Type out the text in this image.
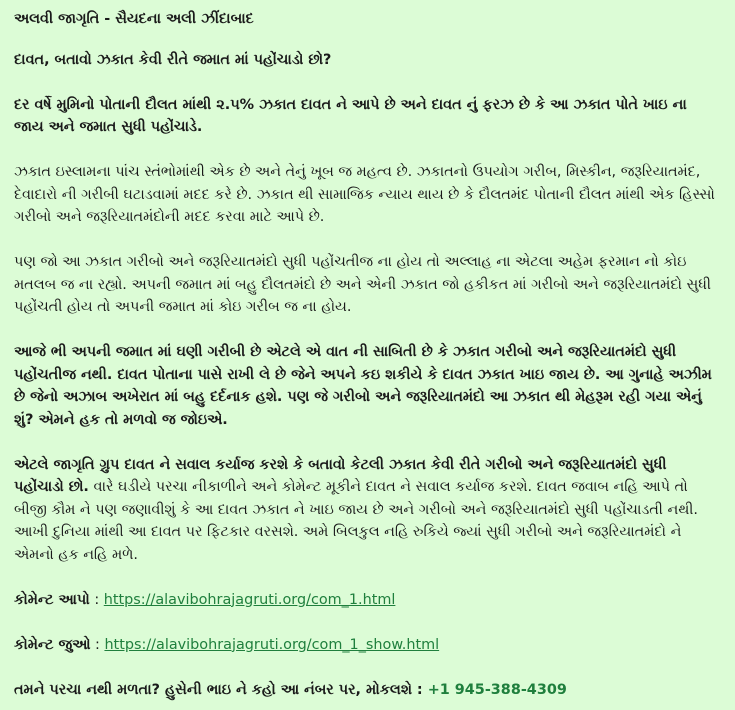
અલવી જાગૃતિ - સૈયદના અલી ઝીંદાબાદ
દાવત, બતાવો ઝકાત કેવી રીતે જમાત માં પહોંચાડો છો?
દર વર્ષે મુમિનો પોતાની દૌલત માંથી ૨.૫% ઝકાત દાવત ને આપે છે અને દાવત નું ફરઝ છે કે આ ઝકાત પોતે ખાઇ ના જાય અને જમાત સુધી પહોંચાડે.
ઝકાત ઇસ્લામના પાંચ સ્તંભોમાંથી એક છે અને તેનું ખૂબ જ મહત્વ છે. ઝકાતનો ઉપયોગ ગરીબ, મિસ્કીન, જરૂરિયાતમંદ, દેવાદારો ની ગરીબી ઘટાડવામાં મદદ કરે છે. ઝકાત થી સામાજિક ન્યાય થાય છે કે દૌલતમંદ પોતાની દૌલત માંથી એક હિસ્સો ગરીબો અને જરૂરિયાતમંદોની મદદ કરવા માટે આપે છે.
પણ જો આ ઝકાત ગરીબો અને જરૂરિયાતમંદો સુધી પહોંચતીજ ના હોય તો અલ્લાહ ના એટલા અહેમ ફરમાન નો કોઇ મતલબ જ ના રહ્યો. અપની જમાત માં બહુ દૌલતમંદો છે અને એની ઝકાત જો હકીકત માં ગરીબો અને જરૂરિયાતમંદો સુધી પહોંચતી હોય તો અપની જમાત માં કોઇ ગરીબ જ ના હોય.
આજે ભી અપની જમાત માં ઘણી ગરીબી છે એટલે એ વાત ની સાબિતી છે કે ઝકાત ગરીબો અને જરૂરિયાતમંદો સુધી પહોંચતીજ નથી. દાવત પોતાના પાસે રાખી લે છે જેને અપને કઇ શકીયે કે દાવત ઝકાત ખાઇ જાય છે. આ ગુનાહે અઝીમ છે જેનો અઝાબ અખેરાત માં બહુ દર્દનાક હશે. પણ જે ગરીબો અને જરૂરિયાતમંદો આ ઝકાત થી મેહરૂમ રહી ગયા એનું શું? એમને હક તો મળવો જ જોઇએ.
એટલે જાગૃતિ ગ્રુપ દાવત ને સવાલ કર્યાજ કરશે કે બતાવો કેટલી ઝકાત કેવી રીતે ગરીબો અને જરૂરિયાતમંદો સુધી પહોંચાડો છો. વારે ઘડીયે પરચા નીકાળીને અને કોમેન્ટ મૂકીને દાવત ને સવાલ કર્યાજ કરશે. દાવત જવાબ નહિ આપે તો બીજી કૌમ ને પણ જણાવીશું કે આ દાવત ઝકાત ને ખાઇ જાય છે અને ગરીબો અને જરૂરિયાતમંદો સુધી પહોંચાડતી નથી. આખી દુનિયા માંથી આ દાવત પર ફિટકાર વરસશે. અમે બિલકુલ નહિ રુકિયે જ્યાં સુધી ગરીબો અને જરૂરિયાતમંદો ને એમનો હક નહિ મળે.
કોમેન્ટ આપો : https://alavibohrajagruti.org/com_1.html
કોમેન્ટ જુઓ : https://alavibohrajagruti.org/com_1_show.html
તમને પરચા નથી મળતા? હુસેની ભાઇ ને કહો આ નંબર પર, મોકલશે : +1 945-388-4309
